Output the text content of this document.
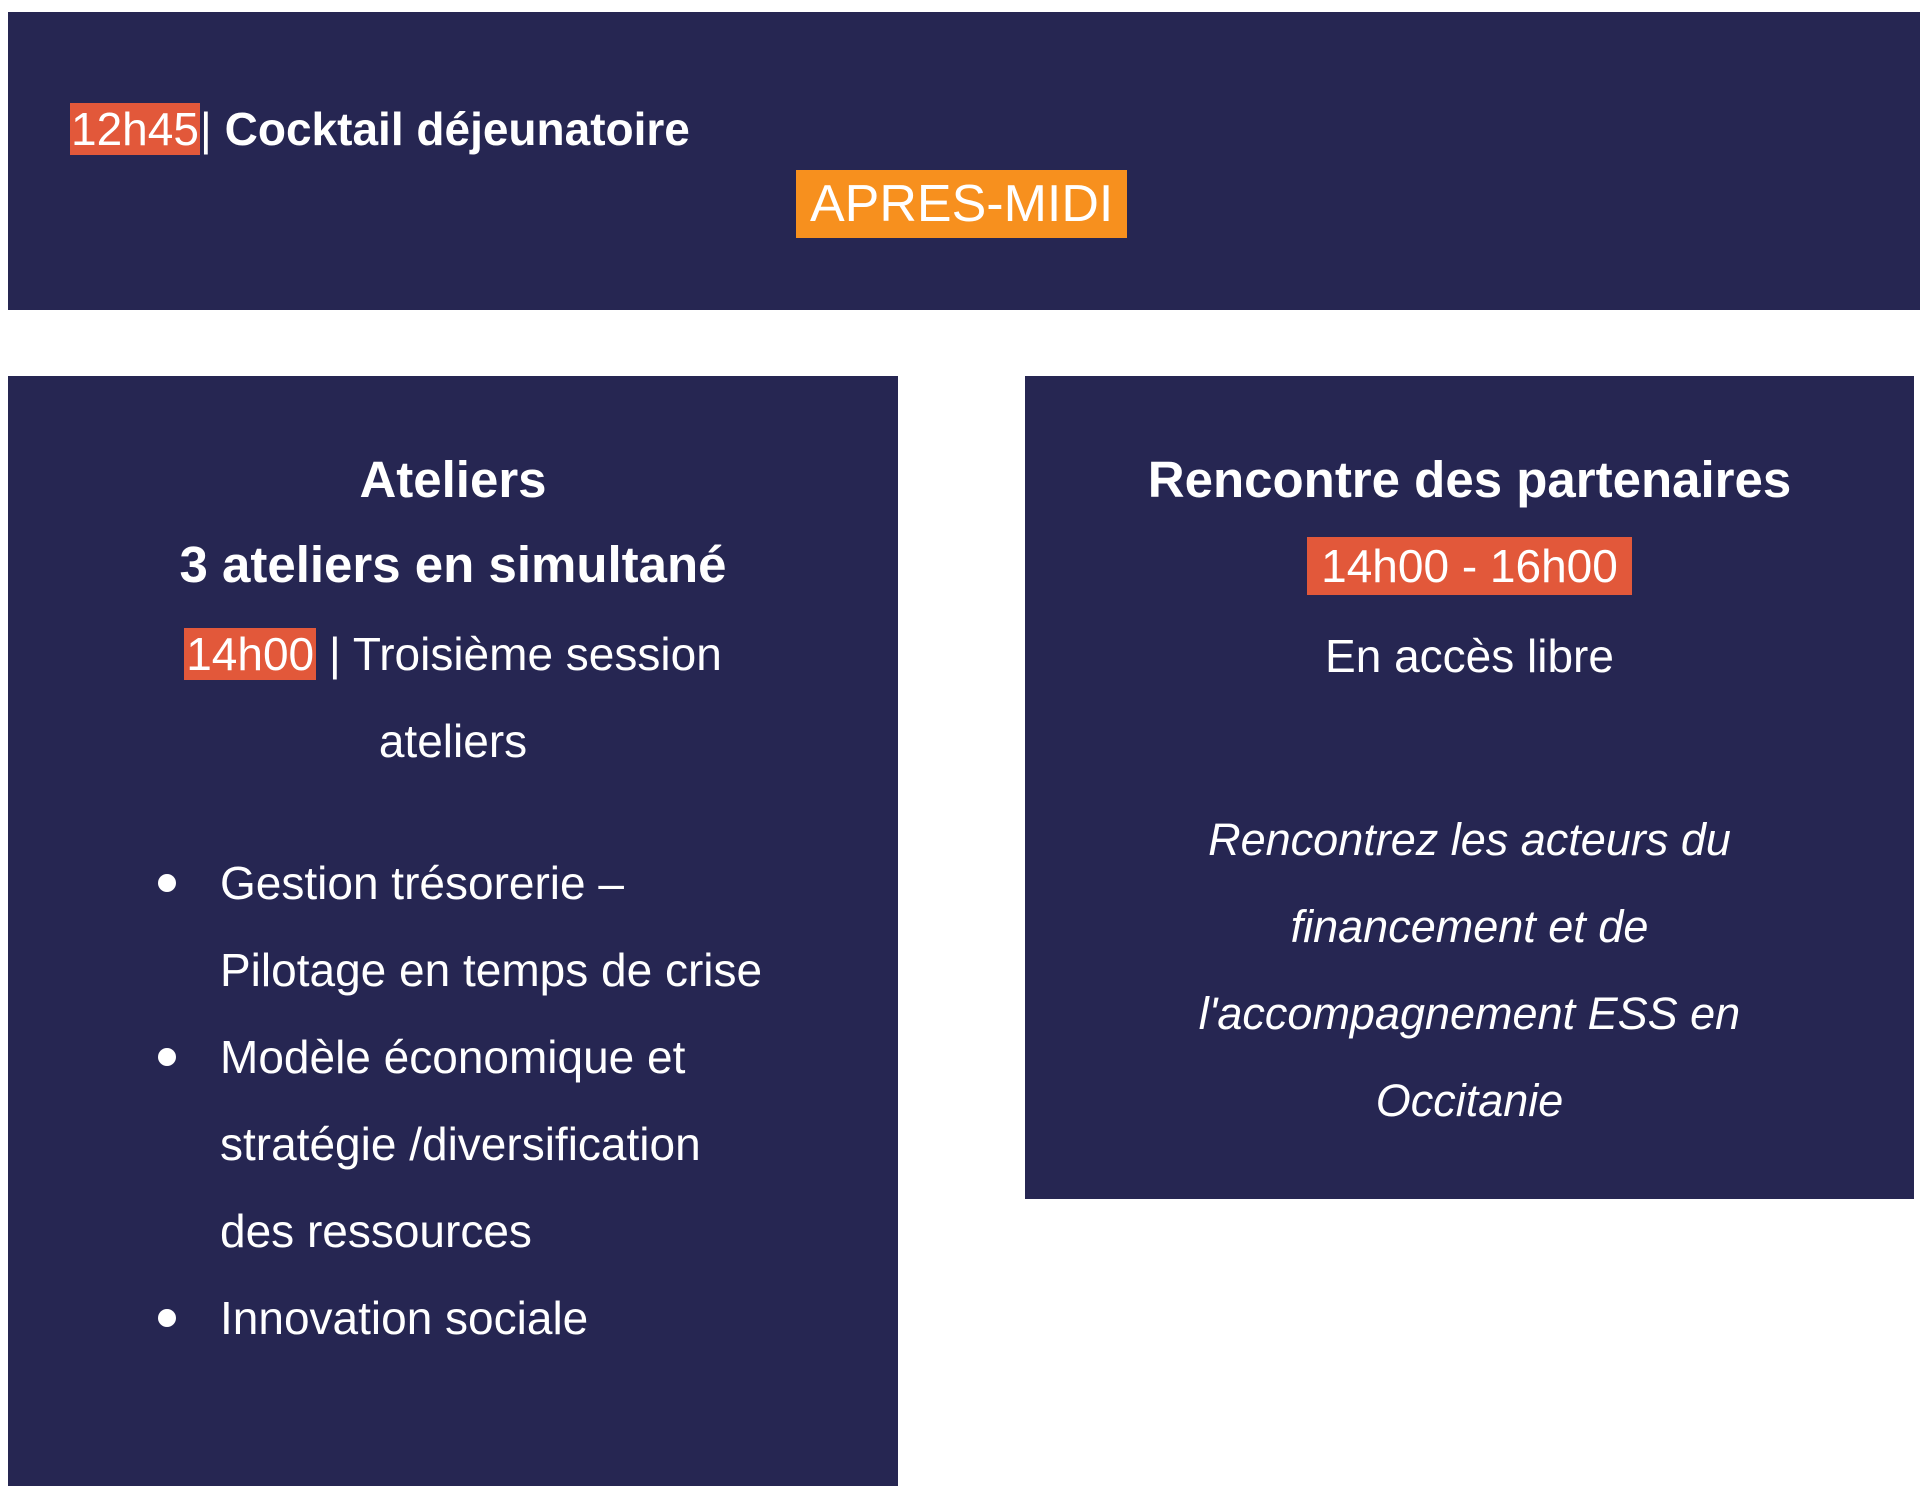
12h45| Cocktail déjeunatoire
APRES-MIDI
Ateliers
3 ateliers en simultané
14h00 | Troisième session
ateliers
Gestion trésorerie –
Pilotage en temps de crise
Modèle économique et
stratégie /diversification
des ressources
Innovation sociale
Rencontre des partenaires
14h00 - 16h00
En accès libre
Rencontrez les acteurs du
financement et de
l'accompagnement ESS en
Occitanie
